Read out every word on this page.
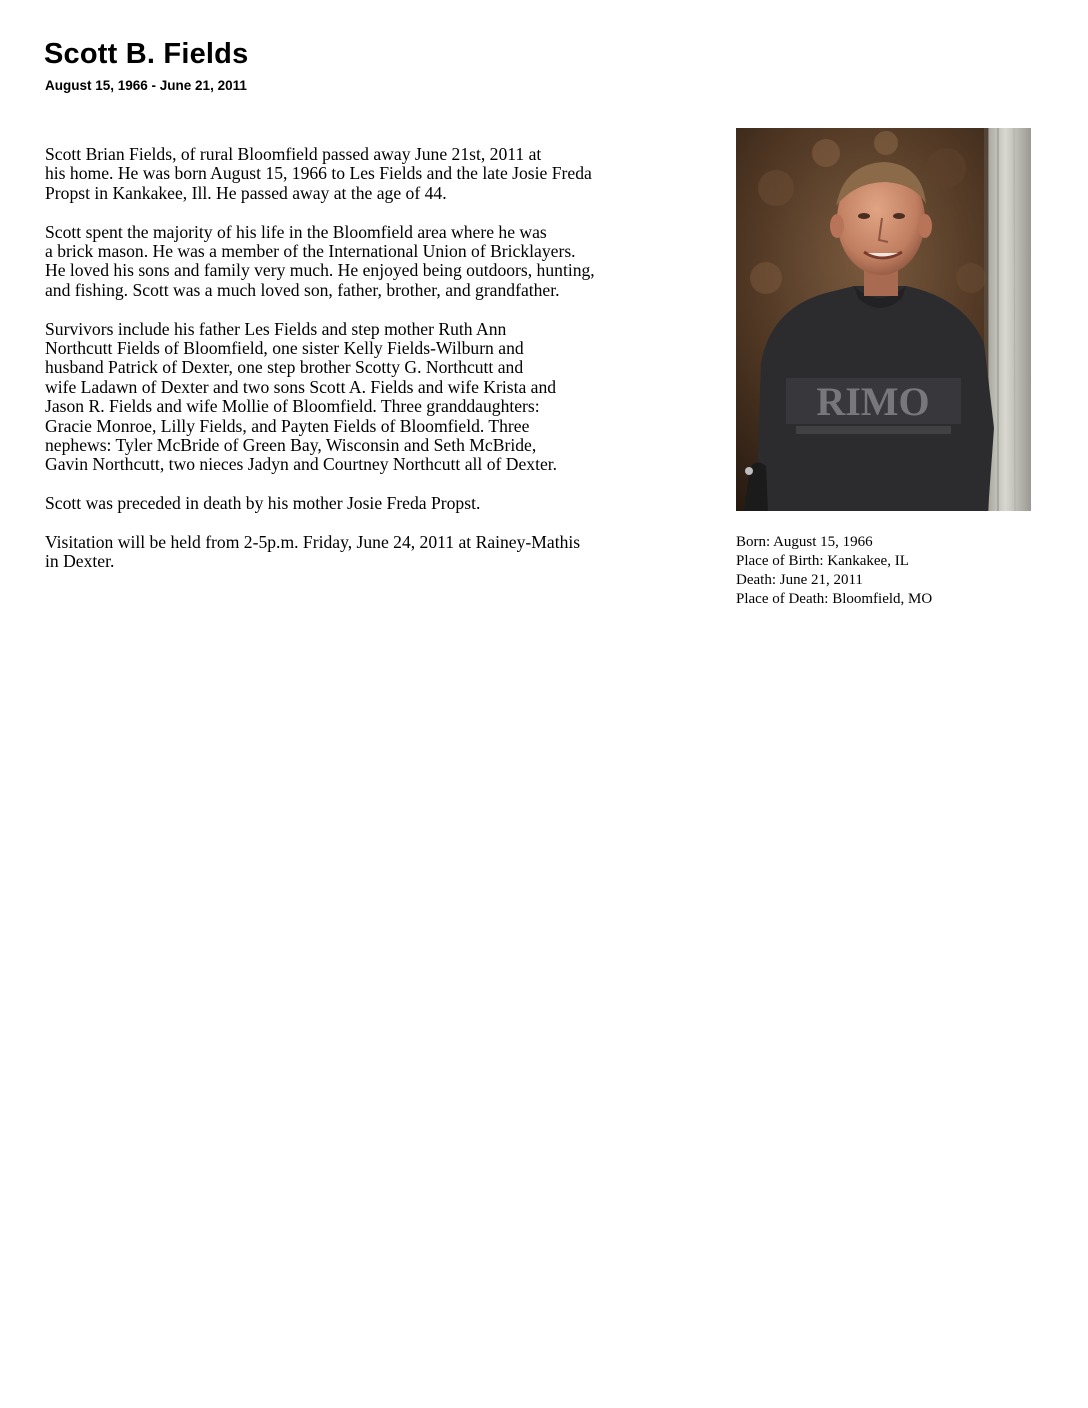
Scott B. Fields
August 15, 1966 - June 21, 2011

Scott Brian Fields, of rural Bloomfield passed away June 21st, 2011 at
his home. He was born August 15, 1966 to Les Fields and the late Josie Freda
Propst in Kankakee, Ill. He passed away at the age of 44.

Scott spent the majority of his life in the Bloomfield area where he was
a brick mason. He was a member of the International Union of Bricklayers.
He loved his sons and family very much. He enjoyed being outdoors, hunting,
and fishing. Scott was a much loved son, father, brother, and grandfather.

Survivors include his father Les Fields and step mother Ruth Ann
Northcutt Fields of Bloomfield, one sister Kelly Fields-Wilburn and
husband Patrick of Dexter, one step brother Scotty G. Northcutt and
wife Ladawn of Dexter and two sons Scott A. Fields and wife Krista and
Jason R. Fields and wife Mollie of Bloomfield. Three granddaughters:
Gracie Monroe, Lilly Fields, and Payten Fields of Bloomfield. Three
nephews: Tyler McBride of Green Bay, Wisconsin and Seth McBride,
Gavin Northcutt, two nieces Jadyn and Courtney Northcutt all of Dexter.

Scott was preceded in death by his mother Josie Freda Propst.

Visitation will be held from 2-5p.m. Friday, June 24, 2011 at Rainey-Mathis
in Dexter.

RIMO
Born: August 15, 1966
Place of Birth: Kankakee, IL
Death: June 21, 2011
Place of Death: Bloomfield, MO
